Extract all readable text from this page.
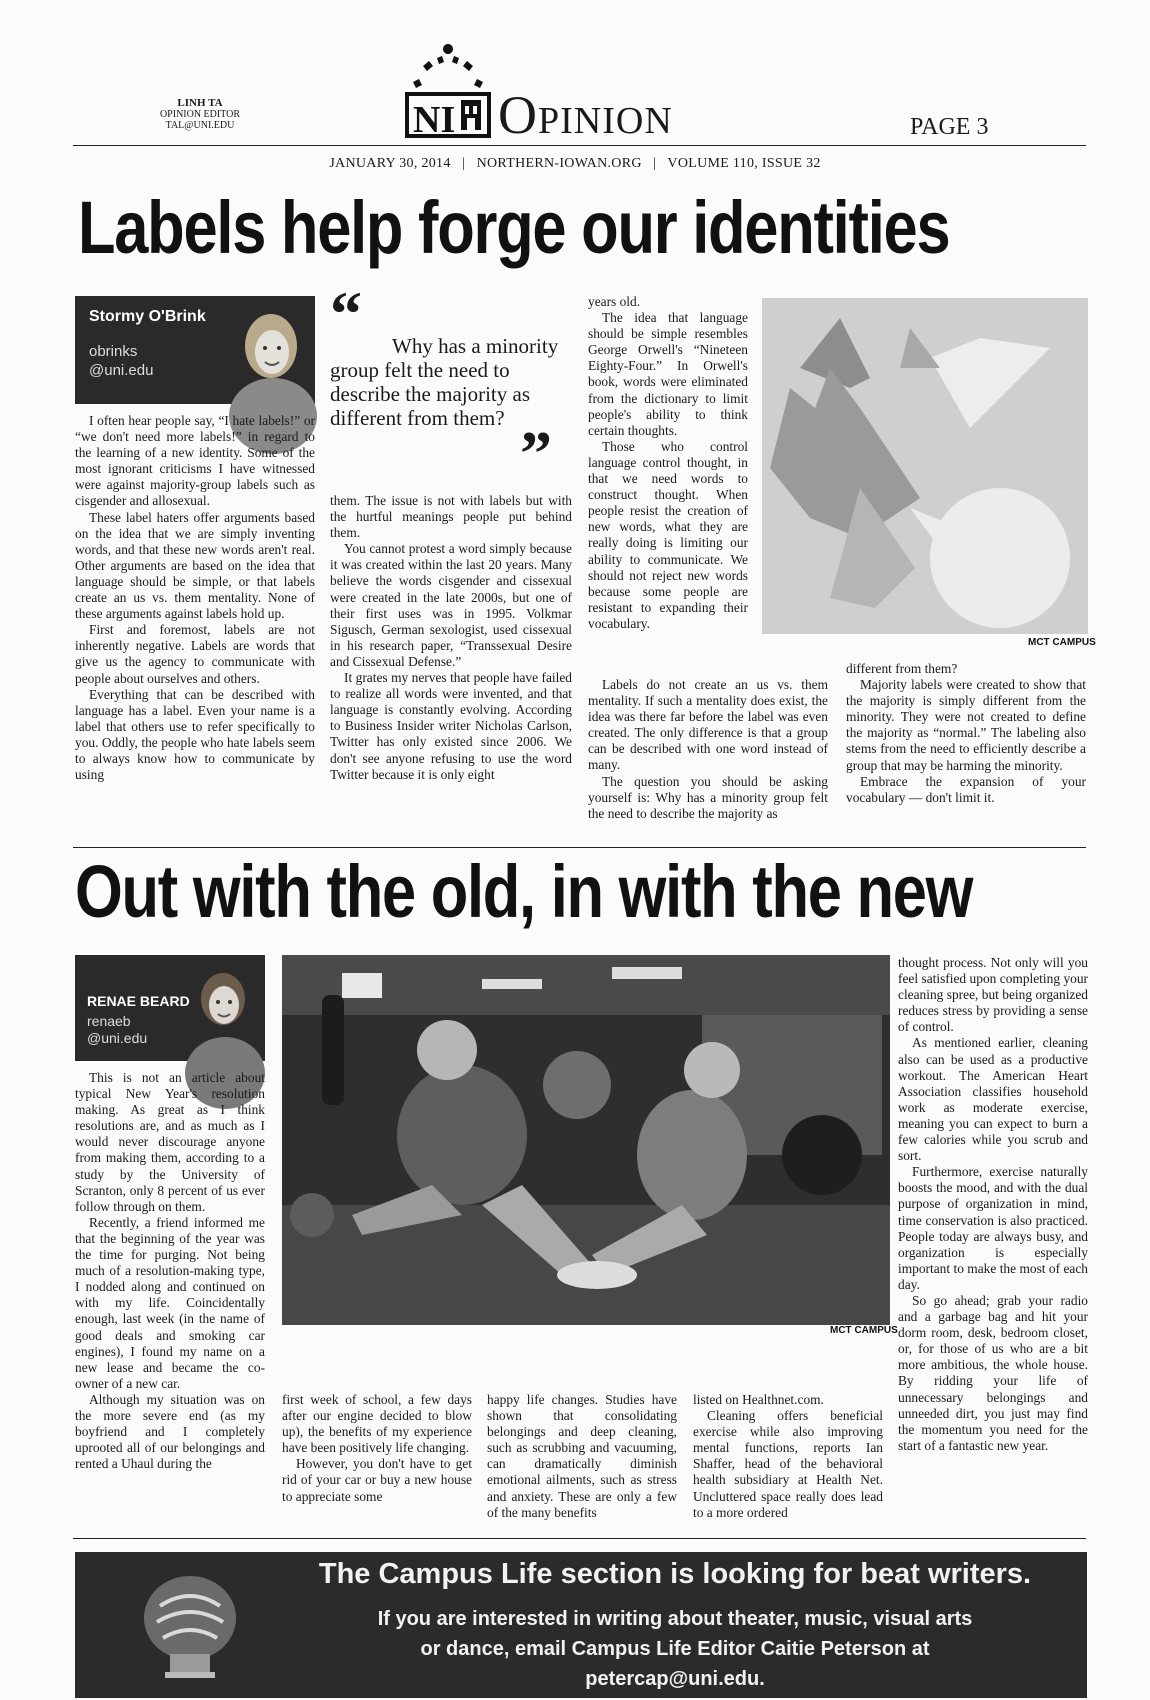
LINH TA
OPINION EDITOR
TAL@UNI.EDU	NI Opinion	PAGE 3
JANUARY 30, 2014 | NORTHERN-IOWAN.ORG | VOLUME 110, ISSUE 32
Labels help forge our identities
Stormy O'Brink
obrinks
@uni.edu

I often hear people say, “I hate labels!” or “we don't need more labels!” in regard to the learning of a new identity. Some of the most ignorant criticisms I have witnessed were against majority-group labels such as cisgender and allosexual.

These label haters offer arguments based on the idea that we are simply inventing words, and that these new words aren't real. Other arguments are based on the idea that language should be simple, or that labels create an us vs. them mentality. None of these arguments against labels hold up.

First and foremost, labels are not inherently negative. Labels are words that give us the agency to communicate with people about ourselves and others.

Everything that can be described with language has a label. Even your name is a label that others use to refer specifically to you. Oddly, the people who hate labels seem to always know how to communicate by using

“	Why has a minority group felt the need to describe the majority as different from them? ”

them. The issue is not with labels but with the hurtful meanings people put behind them.

You cannot protest a word simply because it was created within the last 20 years. Many believe the words cisgender and cissexual were created in the late 2000s, but one of their first uses was in 1995. Volkmar Sigusch, German sexologist, used cissexual in his research paper, “Transsexual Desire and Cissexual Defense.”

It grates my nerves that people have failed to realize all words were invented, and that language is constantly evolving. According to Business Insider writer Nicholas Carlson, Twitter has only existed since 2006. We don't see anyone refusing to use the word Twitter because it is only eight

years old.

The idea that language should be simple resembles George Orwell's “Nineteen Eighty-Four.” In Orwell's book, words were eliminated from the dictionary to limit people's ability to think certain thoughts.

Those who control language control thought, in that we need words to construct thought. When people resist the creation of new words, what they are really doing is limiting our ability to communicate. We should not reject new words because some people are resistant to expanding their vocabulary.

Labels do not create an us vs. them mentality. If such a mentality does exist, the idea was there far before the label was even created. The only difference is that a group can be described with one word instead of many.

The question you should be asking yourself is: Why has a minority group felt the need to describe the majority as

MCT CAMPUS

different from them?

Majority labels were created to show that the majority is simply different from the minority. They were not created to define the majority as “normal.” The labeling also stems from the need to efficiently describe a group that may be harming the minority.

Embrace the expansion of your vocabulary — don't limit it.

Out with the old, in with the new
RENAE BEARD
renaeb
@uni.edu

This is not an article about typical New Year's resolution making. As great as I think resolutions are, and as much as I would never discourage anyone from making them, according to a study by the University of Scranton, only 8 percent of us ever follow through on them.

Recently, a friend informed me that the beginning of the year was the time for purging. Not being much of a resolution-making type, I nodded along and continued on with my life. Coincidentally enough, last week (in the name of good deals and smoking car engines), I found my name on a new lease and became the co-owner of a new car.

Although my situation was on the more severe end (as my boyfriend and I completely uprooted all of our belongings and rented a Uhaul during the

MCT CAMPUS

first week of school, a few days after our engine decided to blow up), the benefits of my experience have been positively life changing.

However, you don't have to get rid of your car or buy a new house to appreciate some

happy life changes. Studies have shown that consolidating belongings and deep cleaning, such as scrubbing and vacuuming, can dramatically diminish emotional ailments, such as stress and anxiety. These are only a few of the many benefits

listed on Healthnet.com.

Cleaning offers beneficial exercise while also improving mental functions, reports Ian Shaffer, head of the behavioral health subsidiary at Health Net. Uncluttered space really does lead to a more ordered

thought process. Not only will you feel satisfied upon completing your cleaning spree, but being organized reduces stress by providing a sense of control.

As mentioned earlier, cleaning also can be used as a productive workout. The American Heart Association classifies household work as moderate exercise, meaning you can expect to burn a few calories while you scrub and sort.

Furthermore, exercise naturally boosts the mood, and with the dual purpose of organization in mind, time conservation is also practiced. People today are always busy, and organization is especially important to make the most of each day.

So go ahead; grab your radio and a garbage bag and hit your dorm room, desk, bedroom closet, or, for those of us who are a bit more ambitious, the whole house. By ridding your life of unnecessary belongings and unneeded dirt, you just may find the momentum you need for the start of a fantastic new year.

The Campus Life section is looking for beat writers.
If you are interested in writing about theater, music, visual arts
or dance, email Campus Life Editor Caitie Peterson at
petercap@uni.edu.
